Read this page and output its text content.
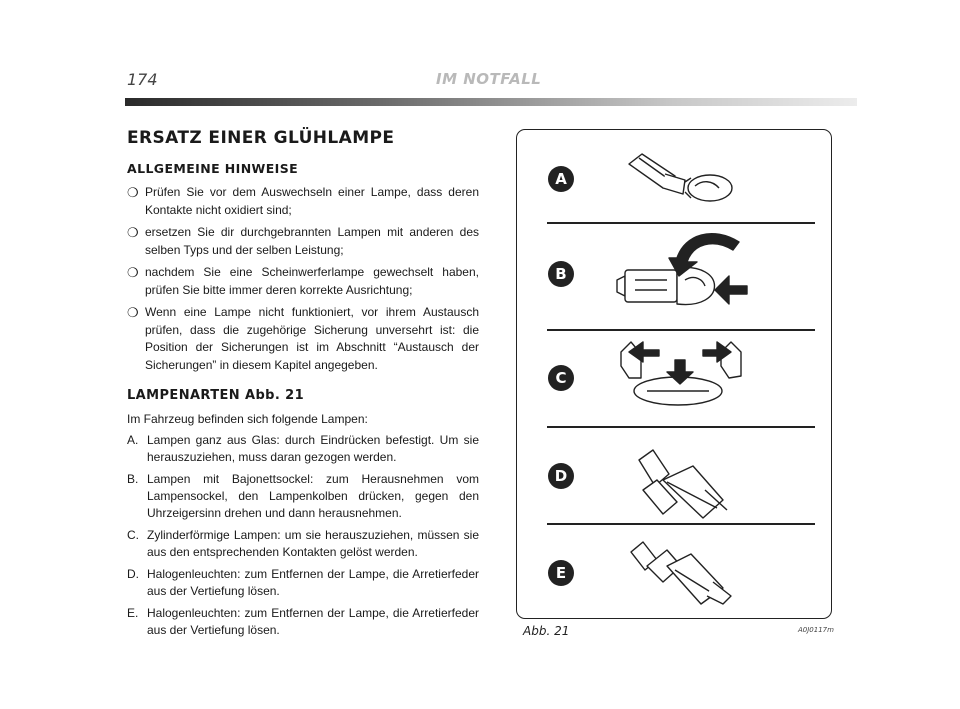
174	IM NOTFALL
ERSATZ EINER GLÜHLAMPE
ALLGEMEINE HINWEISE
❍ Prüfen Sie vor dem Auswechseln einer Lampe, dass deren Kontakte nicht oxidiert sind;
❍ ersetzen Sie dir durchgebrannten Lampen mit anderen des selben Typs und der selben Leistung;
❍ nachdem Sie eine Scheinwerferlampe gewechselt haben, prüfen Sie bitte immer deren korrekte Ausrichtung;
❍ Wenn eine Lampe nicht funktioniert, vor ihrem Austausch prüfen, dass die zugehörige Sicherung unversehrt ist: die Position der Sicherungen ist im Abschnitt “Austausch der Sicherungen” in diesem Kapitel angegeben.
LAMPENARTEN Abb. 21

Im Fahrzeug befinden sich folgende Lampen:

A. Lampen ganz aus Glas: durch Eindrücken befestigt. Um sie herauszuziehen, muss daran gezogen werden.
B. Lampen mit Bajonettsockel: zum Herausnehmen vom Lampensockel, den Lampenkolben drücken, gegen den Uhrzeigersinn drehen und dann herausnehmen.
C. Zylinderförmige Lampen: um sie herauszuziehen, müssen sie aus den entsprechenden Kontakten gelöst werden.
D. Halogenleuchten: zum Entfernen der Lampe, die Arretierfeder aus der Vertiefung lösen.
E. Halogenleuchten: zum Entfernen der Lampe, die Arretierfeder aus der Vertiefung lösen.
A
B
C
D
E
Abb. 21	A0J0117m
